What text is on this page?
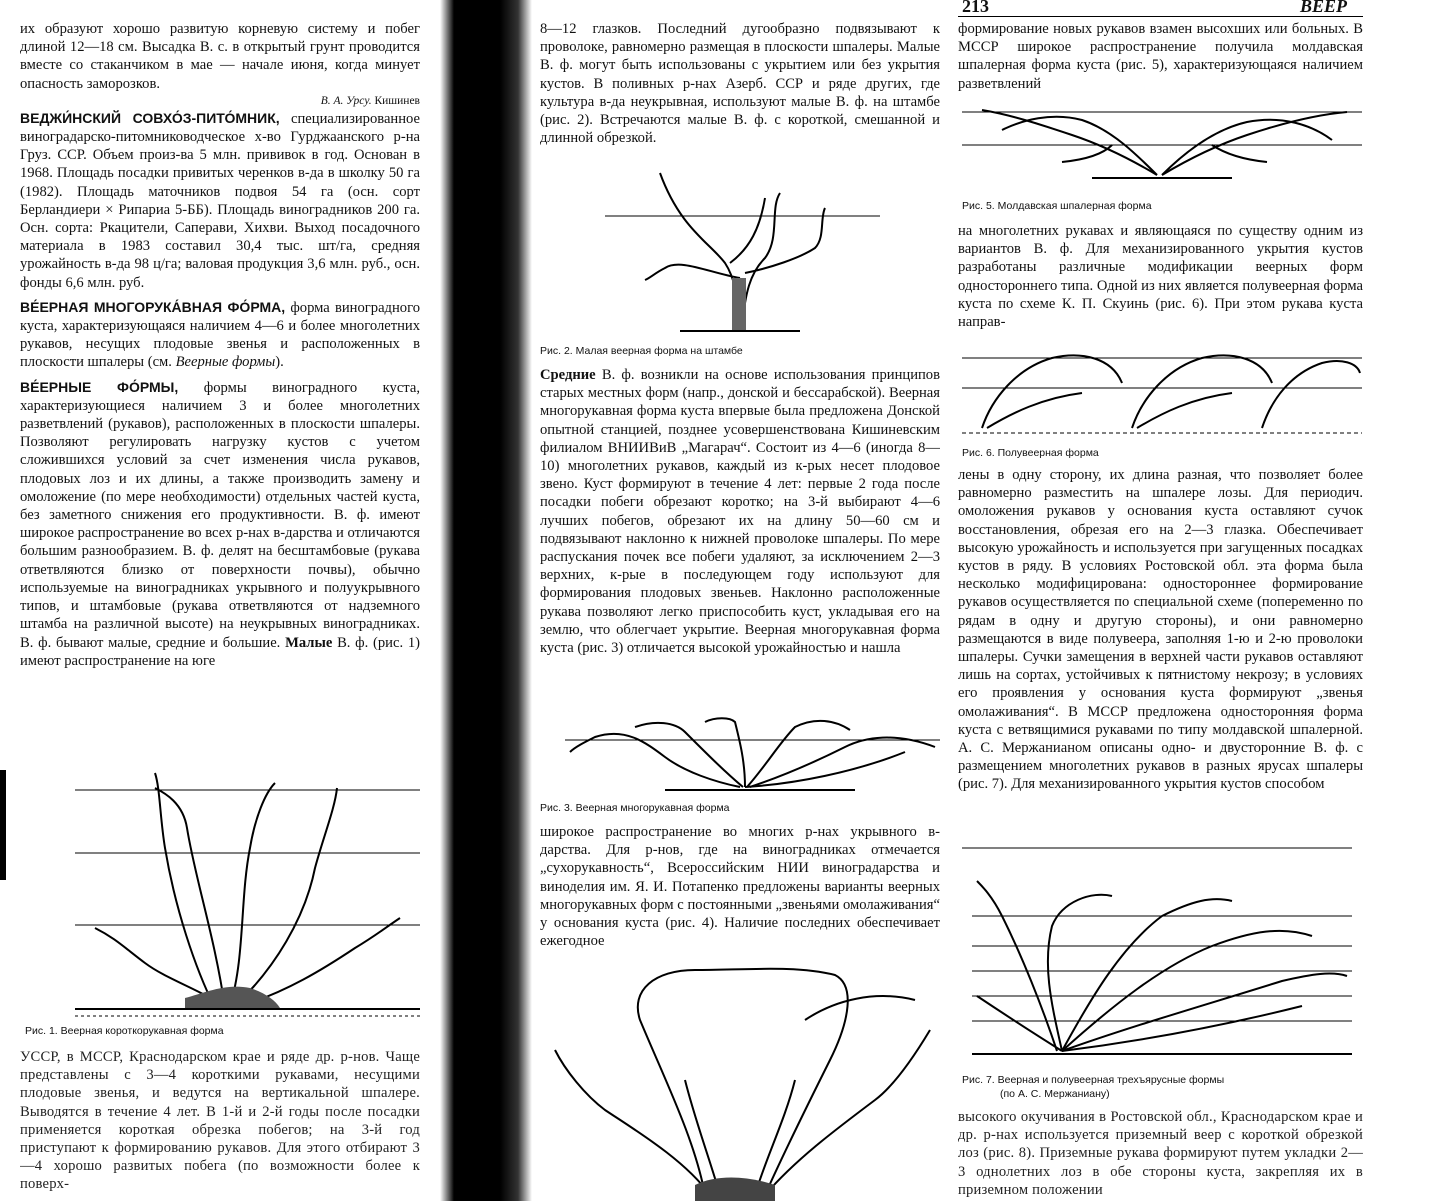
213	ВЕЕР

их образуют хорошо развитую корневую систему и побег длиной 12—18 см. Высадка В. с. в открытый грунт проводится вместе со стаканчиком в мае — начале июня, когда минует опасность заморозков.

В. А. Урсу. Кишинев

ВЕДЖИ́НСКИЙ СОВХО́З-ПИТО́МНИК, специализированное виноградарско-питомниководческое х-во Гурджаанского р-на Груз. ССР. Объем произ-ва 5 млн. прививок в год. Основан в 1968. Площадь посадки привитых черенков в-да в школку 50 га (1982). Площадь маточников подвоя 54 га (осн. сорт Берландиери × Рипариа 5-ББ). Площадь виноградников 200 га. Осн. сорта: Ркацители, Саперави, Хихви. Выход посадочного материала в 1983 составил 30,4 тыс. шт/га, средняя урожайность в-да 98 ц/га; валовая продукция 3,6 млн. руб., осн. фонды 6,6 млн. руб.

ВЕ́ЕРНАЯ МНОГОРУКА́ВНАЯ ФО́РМА, форма виноградного куста, характеризующаяся наличием 4—6 и более многолетних рукавов, несущих плодовые звенья и расположенных в плоскости шпалеры (см. Веерные формы).

ВЕ́ЕРНЫЕ ФО́РМЫ, формы виноградного куста, характеризующиеся наличием 3 и более многолетних разветвлений (рукавов), расположенных в плоскости шпалеры. Позволяют регулировать нагрузку кустов с учетом сложившихся условий за счет изменения числа рукавов, плодовых лоз и их длины, а также производить замену и омоложение (по мере необходимости) отдельных частей куста, без заметного снижения его продуктивности. В. ф. имеют широкое распространение во всех р-нах в-дарства и отличаются большим разнообразием. В. ф. делят на бесштамбовые (рукава ответвляются близко от поверхности почвы), обычно используемые на виноградниках укрывного и полуукрывного типов, и штамбовые (рукава ответвляются от надземного штамба на различной высоте) на неукрывных виноградниках. В. ф. бывают малые, средние и большие. Малые В. ф. (рис. 1) имеют распространение на юге

Рис. 1. Веерная короткорукавная форма

УССР, в МССР, Краснодарском крае и ряде др. р-нов. Чаще представлены с 3—4 короткими рукавами, несущими плодовые звенья, и ведутся на вертикальной шпалере. Выводятся в течение 4 лет. В 1-й и 2-й годы после посадки применяется короткая обрезка побегов; на 3-й год приступают к формированию рукавов. Для этого отбирают 3—4 хорошо развитых побега (по возможности более к поверх-

8—12 глазков. Последний дугообразно подвязывают к проволоке, равномерно размещая в плоскости шпалеры. Малые В. ф. могут быть использованы с укрытием или без укрытия кустов. В поливных р-нах Азерб. ССР и ряде других, где культура в-да неукрывная, используют малые В. ф. на штамбе (рис. 2). Встречаются малые В. ф. с короткой, смешанной и длинной обрезкой.

Рис. 2. Малая веерная форма на штамбе

Средние В. ф. возникли на основе использования принципов старых местных форм (напр., донской и бессарабской). Веерная многорукавная форма куста впервые была предложена Донской опытной станцией, позднее усовершенствована Кишиневским филиалом ВНИИВиВ „Магарач“. Состоит из 4—6 (иногда 8—10) многолетних рукавов, каждый из к-рых несет плодовое звено. Куст формируют в течение 4 лет: первые 2 года после посадки побеги обрезают коротко; на 3-й выбирают 4—6 лучших побегов, обрезают их на длину 50—60 см и подвязывают наклонно к нижней проволоке шпалеры. По мере распускания почек все побеги удаляют, за исключением 2—3 верхних, к-рые в последующем году используют для формирования плодовых звеньев. Наклонно расположенные рукава позволяют легко приспособить куст, укладывая его на землю, что облегчает укрытие. Веерная многорукавная форма куста (рис. 3) отличается высокой урожайностью и нашла

Рис. 3. Веерная многорукавная форма

широкое распространение во многих р-нах укрывного в-дарства. Для р-нов, где на виноградниках отмечается „сухорукавность“, Всероссийским НИИ виноградарства и виноделия им. Я. И. Потапенко предложены варианты веерных многорукавных форм с постоянными „звеньями омолаживания“ у основания куста (рис. 4). Наличие последних обеспечивает ежегодное

формирование новых рукавов взамен высохших или больных. В МССР широкое распространение получила молдавская шпалерная форма куста (рис. 5), характеризующаяся наличием разветвлений

Рис. 5. Молдавская шпалерная форма

на многолетних рукавах и являющаяся по существу одним из вариантов В. ф. Для механизированного укрытия кустов разработаны различные модификации веерных форм одностороннего типа. Одной из них является полувеерная форма куста по схеме К. П. Скуинь (рис. 6). При этом рукава куста направ-

Рис. 6. Полувеерная форма

лены в одну сторону, их длина разная, что позволяет более равномерно разместить на шпалере лозы. Для периодич. омоложения рукавов у основания куста оставляют сучок восстановления, обрезая его на 2—3 глазка. Обеспечивает высокую урожайность и используется при загущенных посадках кустов в ряду. В условиях Ростовской обл. эта форма была несколько модифицирована: одностороннее формирование рукавов осуществляется по специальной схеме (попеременно по рядам в одну и другую стороны), и они равномерно размещаются в виде полувеера, заполняя 1-ю и 2-ю проволоки шпалеры. Сучки замещения в верхней части рукавов оставляют лишь на сортах, устойчивых к пятнистому некрозу; в условиях его проявления у основания куста формируют „звенья омолаживания“. В МССР предложена односторонняя форма куста с ветвящимися рукавами по типу молдавской шпалерной. А. С. Мержанианом описаны одно- и двусторонние В. ф. с размещением многолетних рукавов в разных ярусах шпалеры (рис. 7). Для механизированного укрытия кустов способом

Рис. 7. Веерная и полувеерная трехъярусные формы
(по А. С. Мержаниану)

высокого окучивания в Ростовской обл., Краснодарском крае и др. р-нах используется приземный веер с короткой обрезкой лоз (рис. 8). Приземные рукава формируют путем укладки 2—3 однолетних лоз в обе стороны куста, закрепляя их в приземном положении
